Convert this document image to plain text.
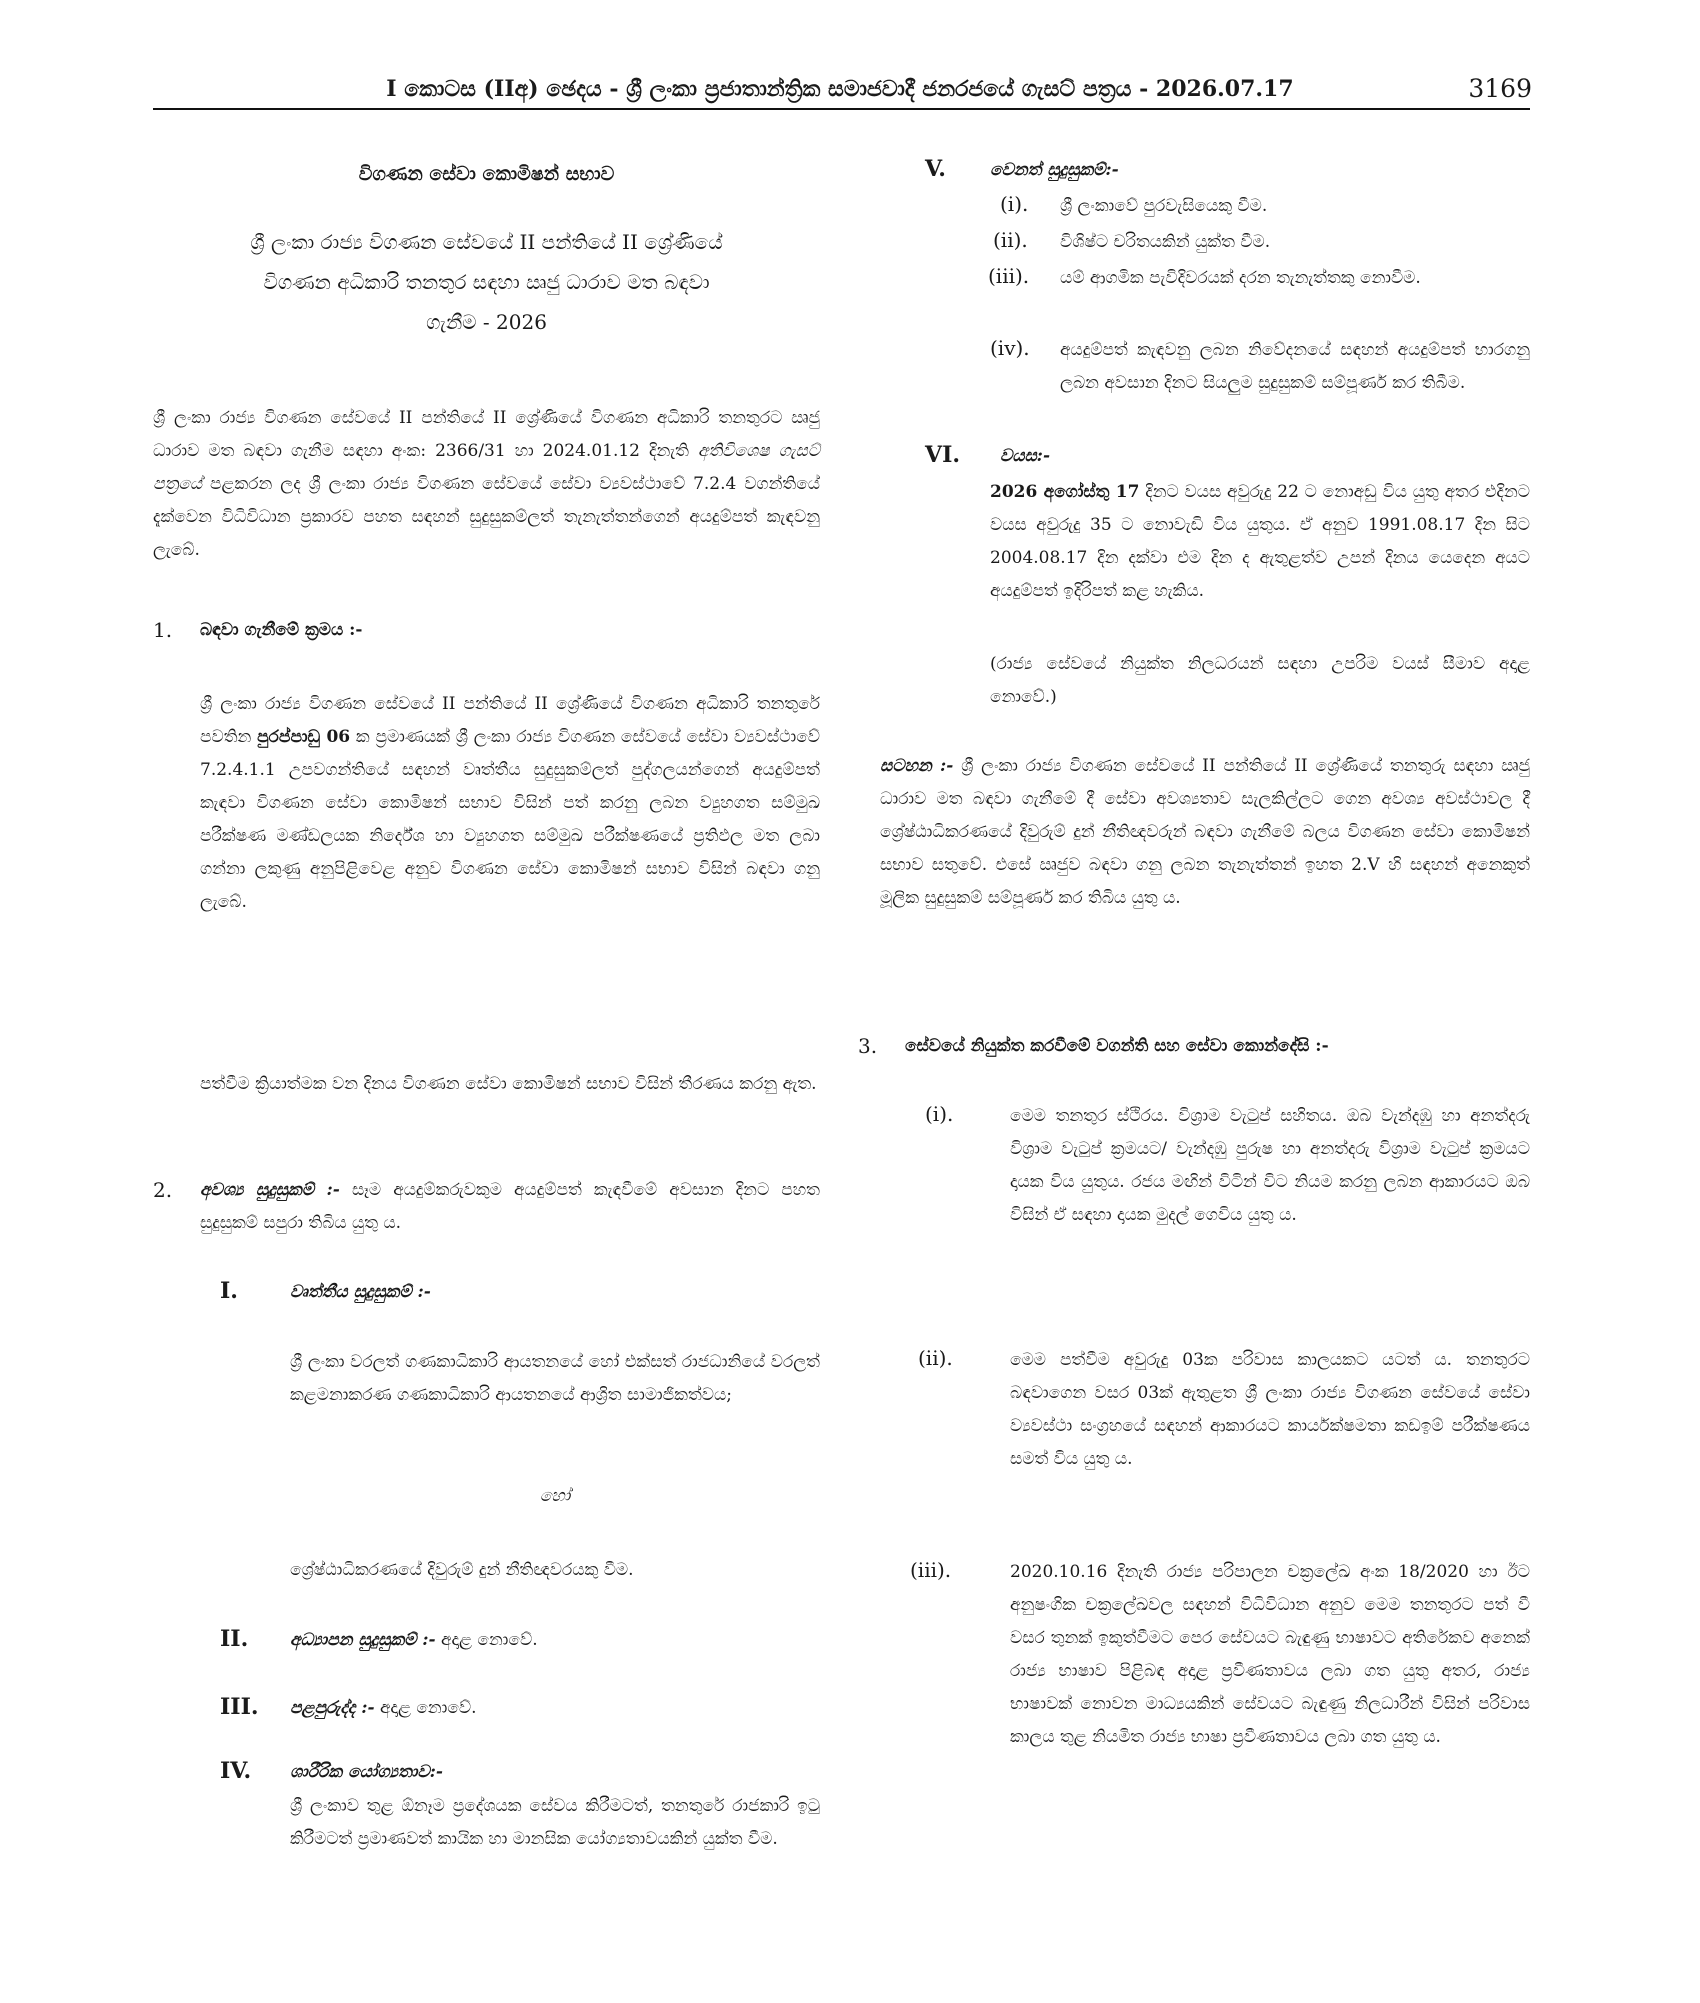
I කොටස (IIඅ) ඡෙදය - ශ්‍රී ලංකා ප්‍රජාතාන්ත්‍රික සමාජවාදී ජනරජයේ ගැසට් පත්‍රය - 2026.07.17	3169
විගණන සේවා කොමිෂන් සභාව
ශ්‍රී ලංකා රාජ්‍ය විගණන සේවයේ II පන්තියේ II ශ්‍රේණියේ
විගණන අධිකාරි තනතුර සඳහා ඍජු ධාරාව මත බඳවා
ගැනීම - 2026
ශ්‍රී ලංකා රාජ්‍ය විගණන සේවයේ II පන්තියේ II ශ්‍රේණියේ විගණන අධිකාරි තනතුරට ඍජු ධාරාව මත බඳවා ගැනීම සඳහා අංක: 2366/31 හා 2024.01.12 දිනැති අතිවිශෙෂ ගැසට් පත්‍රයේ පළකරන ලද ශ්‍රී ලංකා රාජ්‍ය විගණන සේවයේ සේවා ව්‍යවස්ථාවේ 7.2.4 වගන්තියේ දැක්වෙන විධිවිධාන ප්‍රකාරව පහත සඳහන් සුදුසුකම්ලත් තැනැත්තන්ගෙන් අයදුම්පත් කැඳවනු ලැබේ.
1. බඳවා ගැනීමේ ක්‍රමය :-
ශ්‍රී ලංකා රාජ්‍ය විගණන සේවයේ II පන්තියේ II ශ්‍රේණියේ විගණන අධිකාරි තනතුරේ පවතින පුරප්පාඩු 06 ක ප්‍රමාණයක් ශ්‍රී ලංකා රාජ්‍ය විගණන සේවයේ සේවා ව්‍යවස්ථාවේ 7.2.4.1.1 උපවගන්තියේ සඳහන් වෘත්තීය සුදුසුකම්ලත් පුද්ගලයන්ගෙන් අයදුම්පත් කැඳවා විගණන සේවා කොමිෂන් සභාව විසින් පත් කරනු ලබන ව්‍යුහගත සම්මුඛ පරීක්ෂණ මණ්ඩලයක නිර්දේශ හා ව්‍යුහගත සම්මුඛ පරීක්ෂණයේ ප්‍රතිඵල මත ලබා ගන්නා ලකුණු අනුපිළිවෙළ අනුව විගණන සේවා කොමිෂන් සභාව විසින් බඳවා ගනු ලැබේ.
පත්වීම ක්‍රියාත්මක වන දිනය විගණන සේවා කොමිෂන් සභාව විසින් තීරණය කරනු ඇත.
2. අවශ්‍ය සුදුසුකම් :- සෑම අයදුම්කරුවකුම අයදුම්පත් කැඳවීමේ අවසාන දිනට පහත සුදුසුකම් සපුරා තිබිය යුතු ය.
I.	වෘත්තීය සුදුසුකම් :-
ශ්‍රී ලංකා වරලත් ගණකාධිකාරි ආයතනයේ හෝ එක්සත් රාජධානියේ වරලත් කළමනාකරණ ගණකාධිකාරි ආයතනයේ ආශ්‍රිත සාමාජිකත්වය;
හෝ
ශ්‍රේෂ්ඨාධිකරණයේ දිවුරුම් දුන් නීතිඥවරයකු වීම.
II. අධ්‍යාපන සුදුසුකම් :- අදාළ නොවේ.
III. පළපුරුද්ද :- අදාළ නොවේ.
IV. ශාරීරික යෝග්‍යතාව:-
ශ්‍රී ලංකාව තුළ ඕනෑම ප්‍රදේශයක සේවය කිරීමටත්, තනතුරේ රාජකාරි ඉටු කිරීමටත් ප්‍රමාණවත් කායික හා මානසික යෝග්‍යතාවයකින් යුක්ත වීම.
V.	වෙනත් සුදුසුකම්:-
(i). ශ්‍රී ලංකාවේ පුරවැසියෙකු වීම.
(ii). විශිෂ්ට චරිතයකින් යුක්ත වීම.
(iii). යම් ආගමික පැවිදිවරයක් දරන තැනැත්තකු නොවීම.
(iv). අයදුම්පත් කැඳවනු ලබන නිවේදනයේ සඳහන් අයදුම්පත් භාරගනු ලබන අවසාන දිනට සියලුම සුදුසුකම් සම්පූර්ණ කර තිබීම.
VI. වයස:-
2026 අගෝස්තු 17 දිනට වයස අවුරුදු 22 ට නොඅඩු විය යුතු අතර එදිනට වයස අවුරුදු 35 ට නොවැඩි විය යුතුය. ඒ අනුව 1991.08.17 දින සිට 2004.08.17 දින දක්වා එම දින ද ඇතුළත්ව උපන් දිනය යෙදෙන අයට අයදුම්පත් ඉදිරිපත් කළ හැකිය.
(රාජ්‍ය සේවයේ නියුක්ත නිලධරයන් සඳහා උපරිම වයස් සීමාව අදාළ නොවේ.)
සටහන :- ශ්‍රී ලංකා රාජ්‍ය විගණන සේවයේ II පන්තියේ II ශ්‍රේණියේ තනතුරු සඳහා ඍජු ධාරාව මත බඳවා ගැනීමේ දී සේවා අවශ්‍යතාව සැලකිල්ලට ගෙන අවශ්‍ය අවස්ථාවල දී ශ්‍රේෂ්ඨාධිකරණයේ දිවුරුම් දුන් නීතිඥවරුන් බඳවා ගැනීමේ බලය විගණන සේවා කොමිෂන් සභාව සතුවේ. එසේ ඍජුව බඳවා ගනු ලබන තැනැත්තන් ඉහත 2.V හි සඳහන් අනෙකුත් මූලික සුදුසුකම් සම්පූර්ණ කර තිබිය යුතු ය.
3. සේවයේ නියුක්ත කරවීමේ වගන්ති සහ සේවා කොන්දේසි :-
(i).	මෙම තනතුර ස්ථිරය. විශ්‍රාම වැටුප් සහිතය. ඔබ වැන්දඹු හා අනත්දරු විශ්‍රාම වැටුප් ක්‍රමයට/ වැන්දඹු පුරුෂ හා අනත්දරු විශ්‍රාම වැටුප් ක්‍රමයට දායක විය යුතුය. රජය මඟින් විටින් විට නියම කරනු ලබන ආකාරයට ඔබ විසින් ඒ සඳහා දායක මුදල් ගෙවිය යුතු ය.
(ii).	මෙම පත්වීම අවුරුදු 03ක පරිවාස කාලයකට යටත් ය. තනතුරට බඳවාගෙන වසර 03ක් ඇතුළත ශ්‍රී ලංකා රාජ්‍ය විගණන සේවයේ සේවා ව්‍යවස්ථා සංග්‍රහයේ සඳහන් ආකාරයට කාර්යක්ෂමතා කඩඉම් පරීක්ෂණය සමත් විය යුතු ය.
(iii).	2020.10.16 දිනැති රාජ්‍ය පරිපාලන චක්‍රලේඛ අංක 18/2020 හා ඊට අනුෂංගික චක්‍රලේඛවල සඳහන් විධිවිධාන අනුව මෙම තනතුරට පත් වී වසර තුනක් ඉකුත්වීමට පෙර සේවයට බැඳුණු භාෂාවට අතිරේකව අනෙක් රාජ්‍ය භාෂාව පිළිබඳ අදාළ ප්‍රවීණතාවය ලබා ගත යුතු අතර, රාජ්‍ය භාෂාවක් නොවන මාධ්‍යයකින් සේවයට බැඳුණු නිලධාරීන් විසින් පරිවාස කාලය තුළ නියමිත රාජ්‍ය භාෂා ප්‍රවීණතාවය ලබා ගත යුතු ය.
